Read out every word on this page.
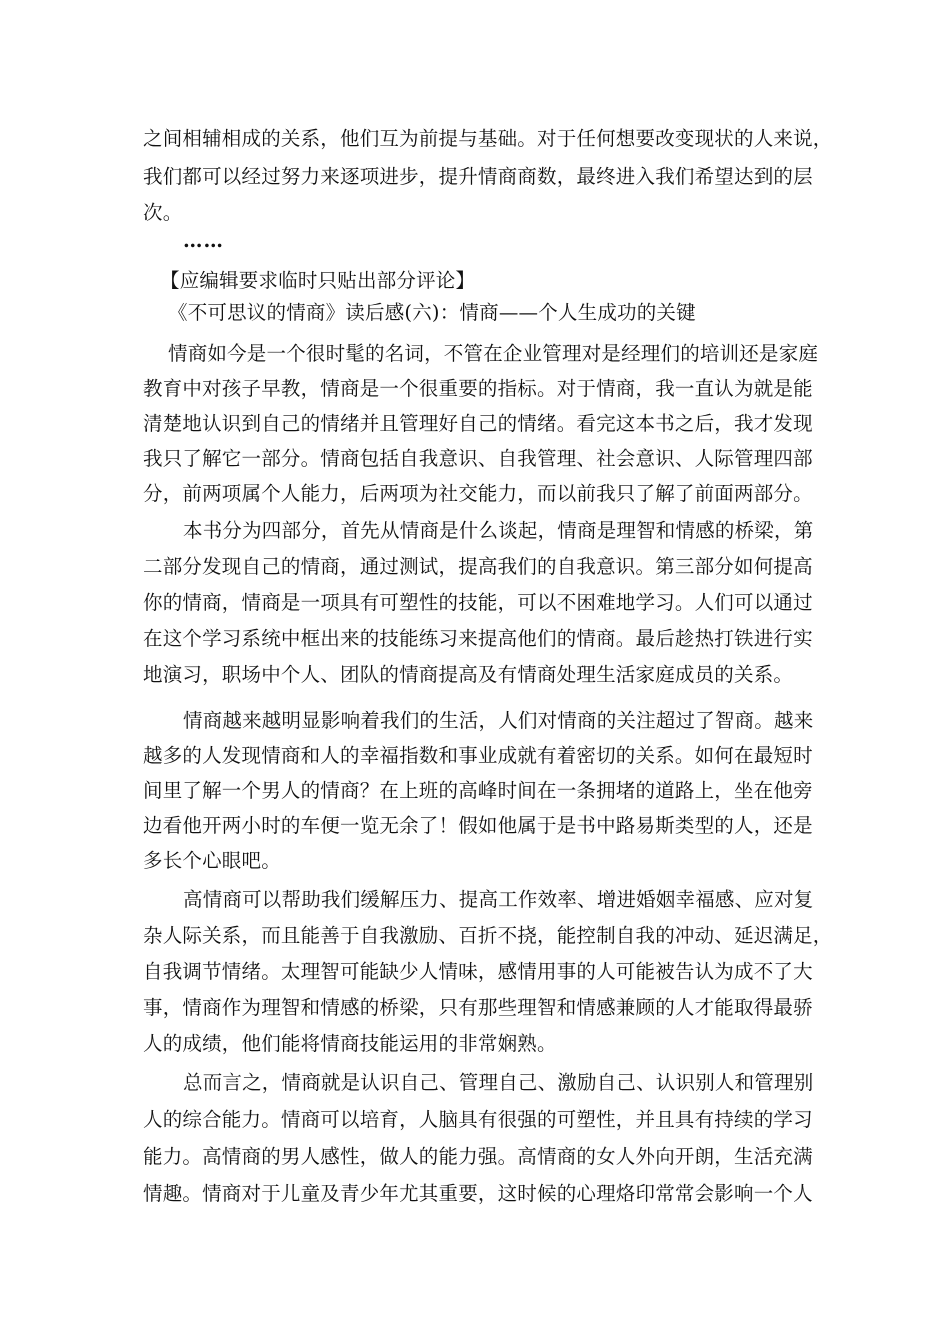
之间相辅相成的关系，他们互为前提与基础。对于任何想要改变现状的人来说，
我们都可以经过努力来逐项进步，提升情商商数，最终进入我们希望达到的层
次。
……
【应编辑要求临时只贴出部分评论】
《不可思议的情商》读后感(六)：情商——个人生成功的关键
情商如今是一个很时髦的名词，不管在企业管理对是经理们的培训还是家庭
教育中对孩子早教，情商是一个很重要的指标。对于情商，我一直认为就是能
清楚地认识到自己的情绪并且管理好自己的情绪。看完这本书之后，我才发现
我只了解它一部分。情商包括自我意识、自我管理、社会意识、人际管理四部
分，前两项属个人能力，后两项为社交能力，而以前我只了解了前面两部分。
本书分为四部分，首先从情商是什么谈起，情商是理智和情感的桥梁，第
二部分发现自己的情商，通过测试，提高我们的自我意识。第三部分如何提高
你的情商，情商是一项具有可塑性的技能，可以不困难地学习。人们可以通过
在这个学习系统中框出来的技能练习来提高他们的情商。最后趁热打铁进行实
地演习，职场中个人、团队的情商提高及有情商处理生活家庭成员的关系。
情商越来越明显影响着我们的生活，人们对情商的关注超过了智商。越来
越多的人发现情商和人的幸福指数和事业成就有着密切的关系。如何在最短时
间里了解一个男人的情商？在上班的高峰时间在一条拥堵的道路上，坐在他旁
边看他开两小时的车便一览无余了！假如他属于是书中路易斯类型的人，还是
多长个心眼吧。
高情商可以帮助我们缓解压力、提高工作效率、增进婚姻幸福感、应对复
杂人际关系，而且能善于自我激励、百折不挠，能控制自我的冲动、延迟满足，
自我调节情绪。太理智可能缺少人情味，感情用事的人可能被告认为成不了大
事，情商作为理智和情感的桥梁，只有那些理智和情感兼顾的人才能取得最骄
人的成绩，他们能将情商技能运用的非常娴熟。
总而言之，情商就是认识自己、管理自己、激励自己、认识别人和管理别
人的综合能力。情商可以培育，人脑具有很强的可塑性，并且具有持续的学习
能力。高情商的男人感性，做人的能力强。高情商的女人外向开朗，生活充满
情趣。情商对于儿童及青少年尤其重要，这时候的心理烙印常常会影响一个人
